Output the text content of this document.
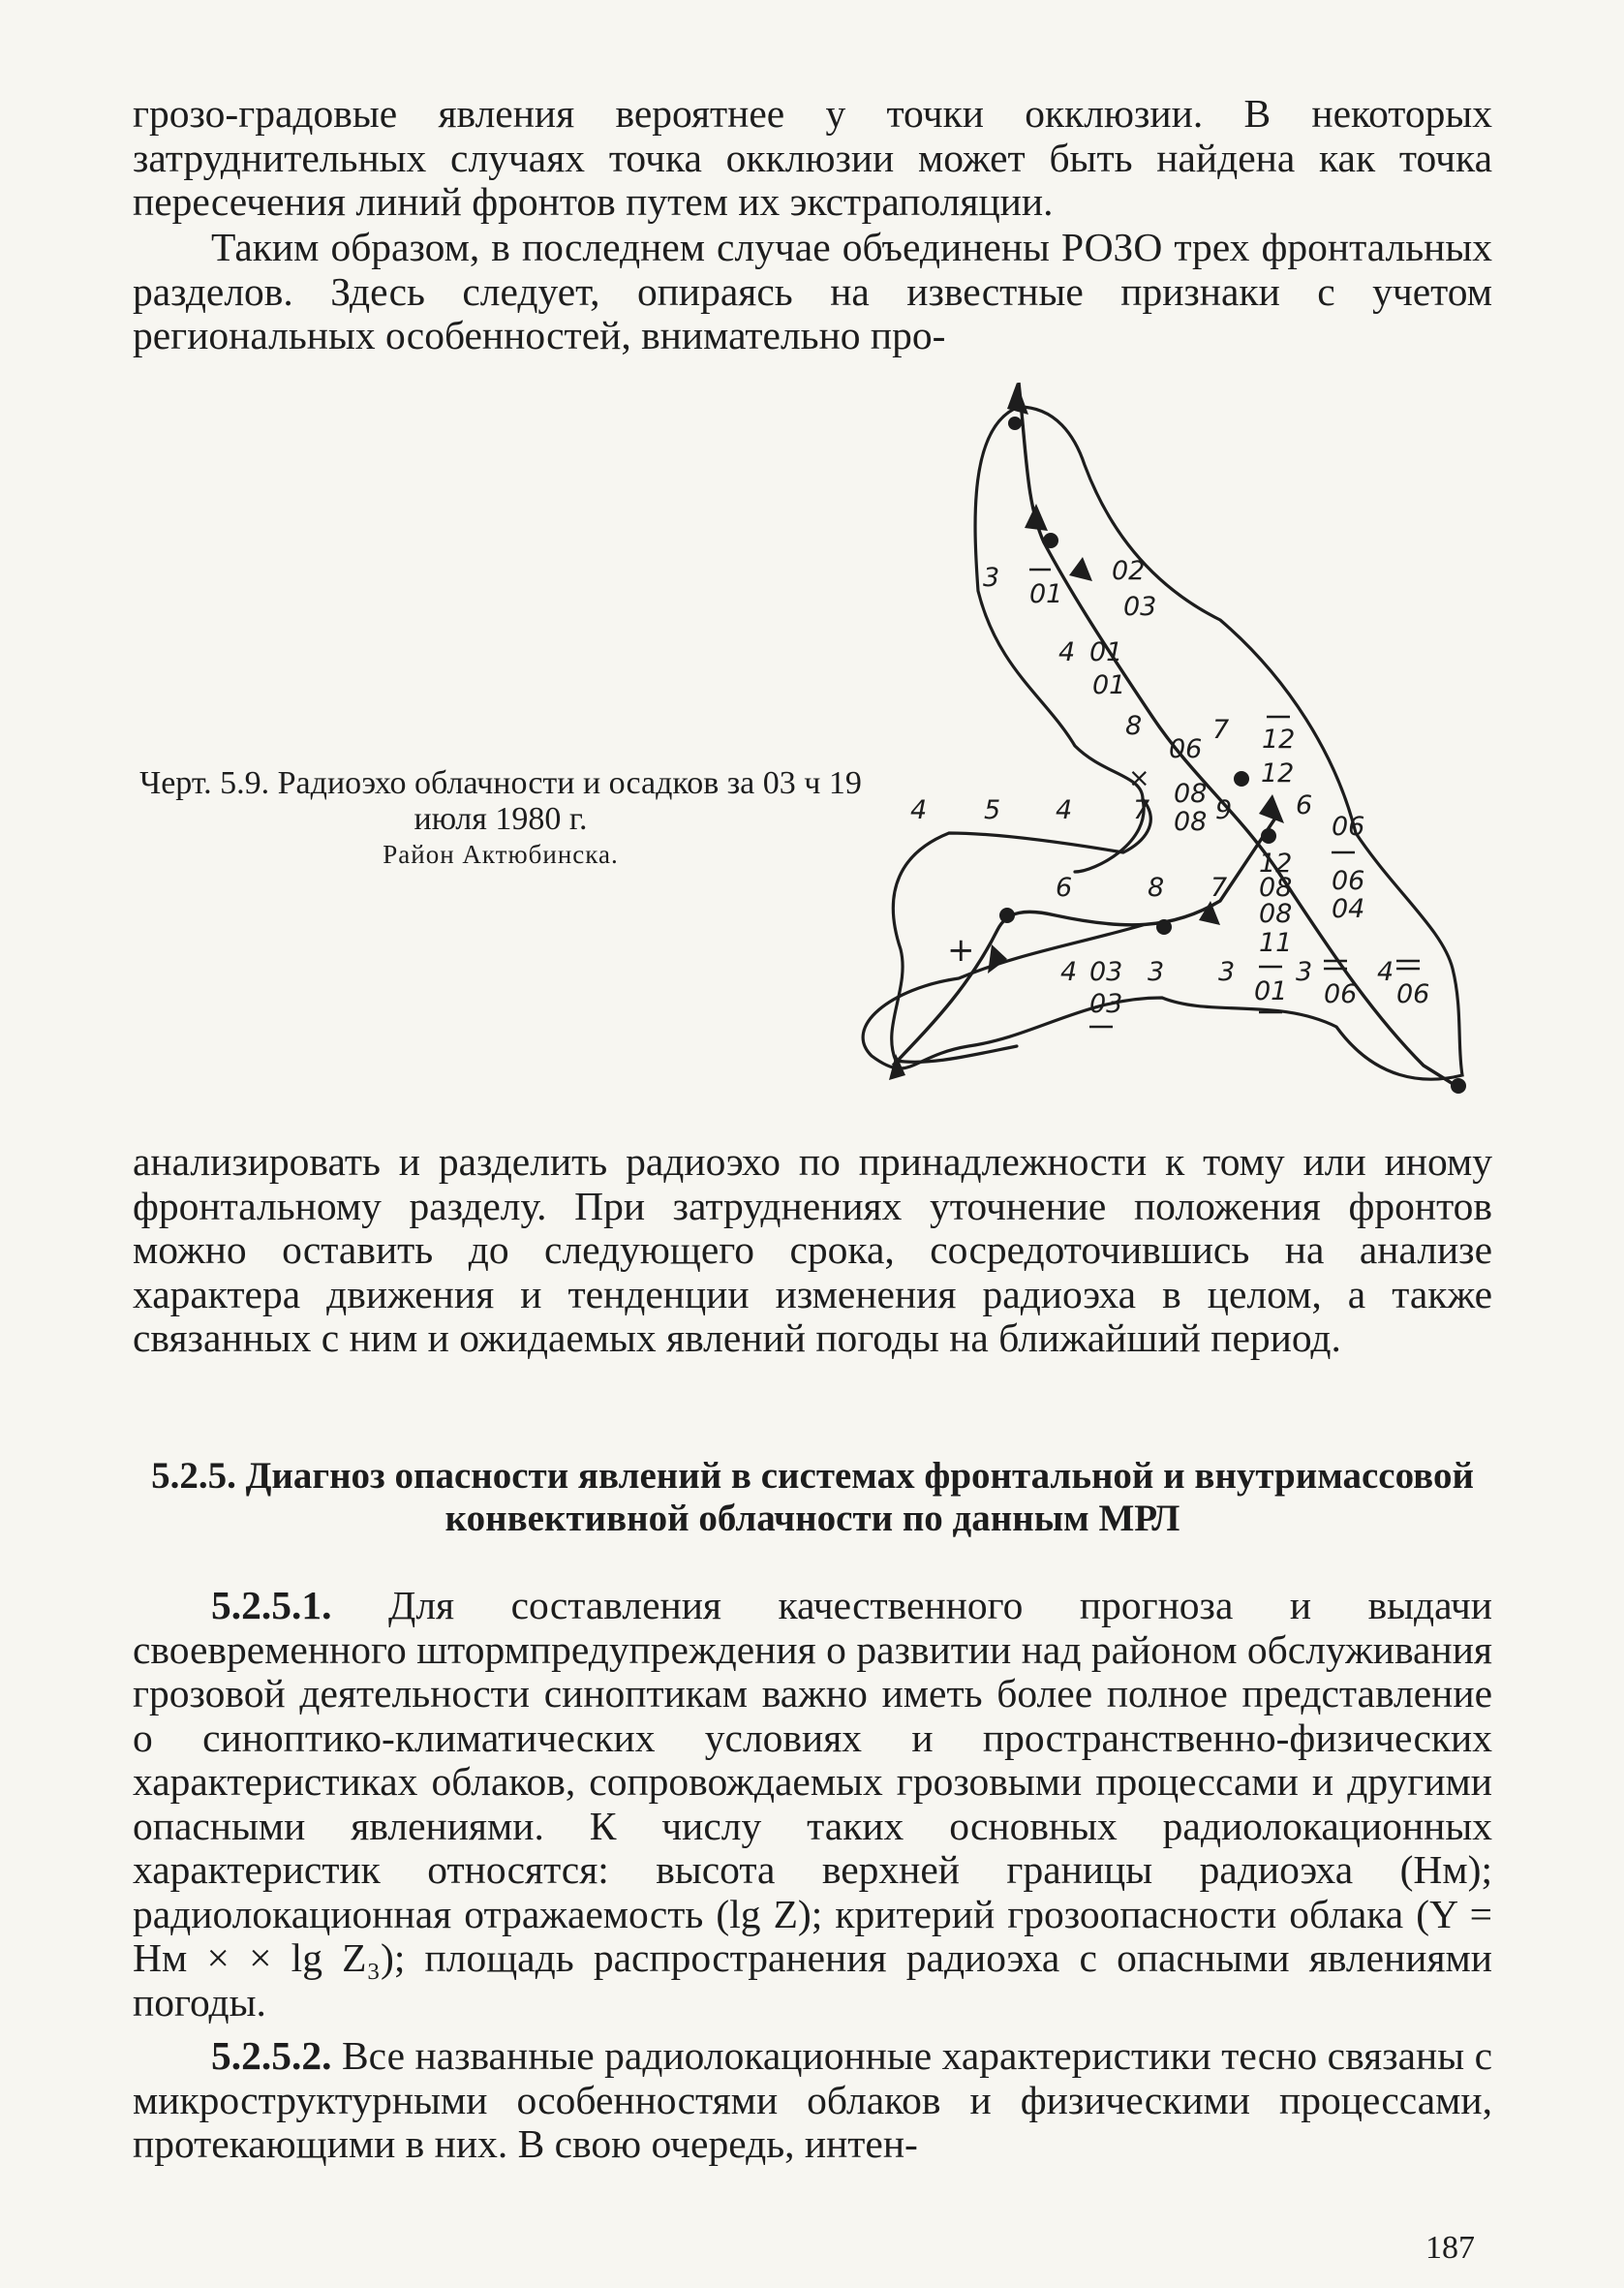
грозо-градовые явления вероятнее у точки окклюзии. В некоторых затруднительных случаях точка окклюзии может быть найдена как точка пересечения линий фронтов путем их экстраполяции.

Таким образом, в последнем случае объединены РОЗО трех фронтальных разделов. Здесь следует, опираясь на известные признаки с учетом региональных особенностей, внимательно про-

Черт. 5.9. Радиоэхо облачности и осадков за 03 ч 19 июля 1980 г.
Район Актюбинска.
3
01
02
03
4 01
01
8
06
7 12
12
4 5 4 7
08
08 9 6
06
6	8 7
12
08 06
04
08
11
4 03 3 3
01
3
06
4
06
03
×
+

анализировать и разделить радиоэхо по принадлежности к тому или иному фронтальному разделу. При затруднениях уточнение положения фронтов можно оставить до следующего срока, сосредоточившись на анализе характера движения и тенденции изменения радиоэха в целом, а также связанных с ним и ожидаемых явлений погоды на ближайший период.

5.2.5. Диагноз опасности явлений в системах фронтальной и внутримассовой конвективной облачности по данным МРЛ

5.2.5.1. Для составления качественного прогноза и выдачи своевременного штормпредупреждения о развитии над районом обслуживания грозовой деятельности синоптикам важно иметь более полное представление о синоптико-климатических условиях и пространственно-физических характеристиках облаков, сопровождаемых грозовыми процессами и другими опасными явлениями. К числу таких основных радиолокационных характеристик относятся: высота верхней границы радиоэха (Hм); радиолокационная отражаемость (lg Z); критерий грозоопасности облака (Y = Hм × × lg Z₃); площадь распространения радиоэха с опасными явлениями погоды.

5.2.5.2. Все названные радиолокационные характеристики тесно связаны с микроструктурными особенностями облаков и физическими процессами, протекающими в них. В свою очередь, интен-

187
